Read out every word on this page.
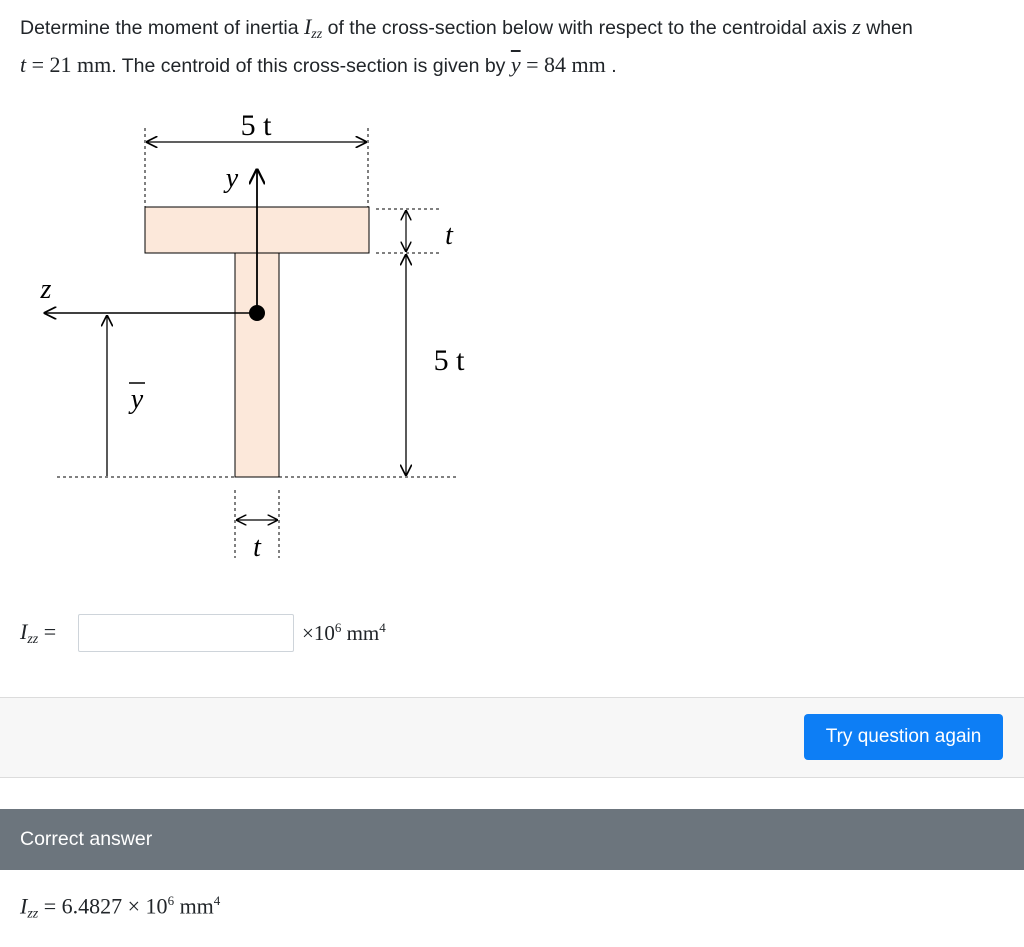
Determine the moment of inertia $I_{zz}$ of the cross-section below with respect to the centroidal axis z when
t = 21 mm. The centroid of this cross-section is given by $\overline{y} = 84$ mm .
5 t
y
z
t
5 t
y
t
$I_{zz}$ =	$\times 10^6$ $mm^4$
Try question again
Correct answer
$I_{zz} = 6.4827 \times 10^6$ $mm^4$
